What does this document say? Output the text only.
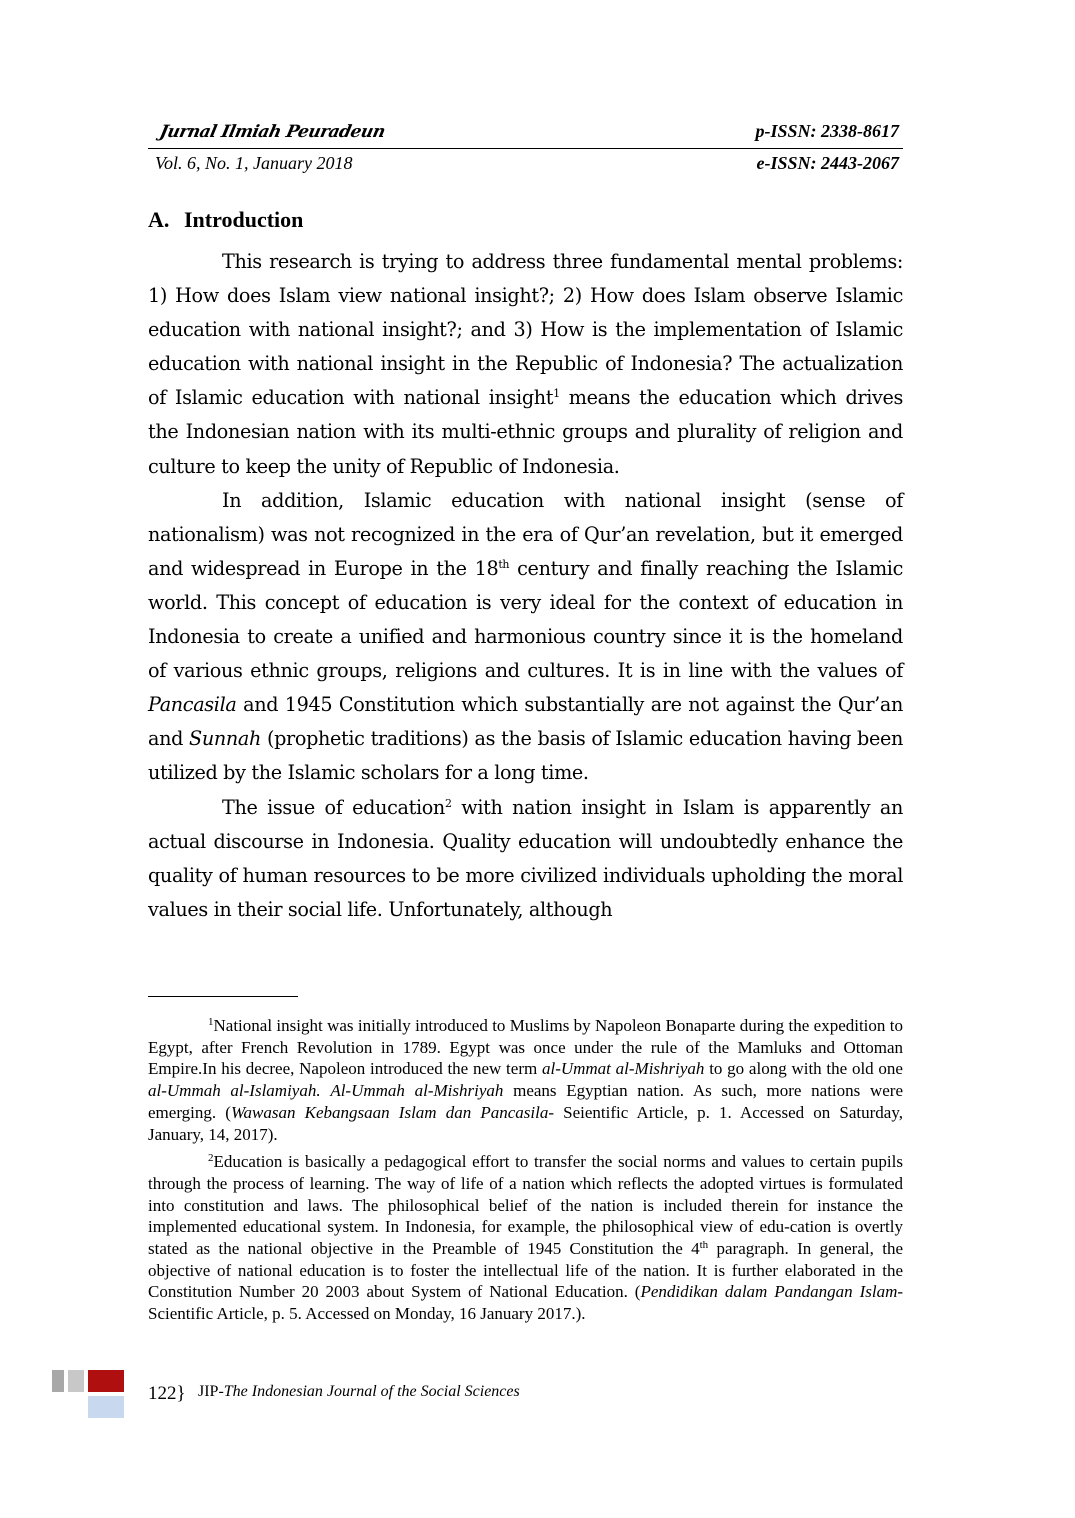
Jurnal Ilmiah Peuradeun	p-ISSN: 2338-8617
Vol. 6, No. 1, January 2018	e-ISSN: 2443-2067
A. Introduction

This research is trying to address three fundamental mental problems: 1) How does Islam view national insight?; 2) How does Islam observe Islamic education with national insight?; and 3) How is the implementation of Islamic education with national insight in the Republic of Indonesia? The actualization of Islamic education with national insight$^1$ means the education which drives the Indonesian nation with its multi-ethnic groups and plurality of religion and culture to keep the unity of Republic of Indonesia.

In addition, Islamic education with national insight (sense of nationalism) was not recognized in the era of Qur’an revelation, but it emerged and widespread in Europe in the 18th century and finally reaching the Islamic world. This concept of education is very ideal for the context of education in Indonesia to create a unified and harmonious country since it is the homeland of various ethnic groups, religions and cultures. It is in line with the values of Pancasila and 1945 Constitution which substantially are not against the Qur’an and Sunnah (prophetic traditions) as the basis of Islamic education having been utilized by the Islamic scholars for a long time.

The issue of education$^2$ with nation insight in Islam is apparently an actual discourse in Indonesia. Quality education will undoubtedly enhance the quality of human resources to be more civilized individuals upholding the moral values in their social life. Unfortunately, although

$^1$National insight was initially introduced to Muslims by Napoleon Bonaparte during the expedition to Egypt, after French Revolution in 1789. Egypt was once under the rule of the Mamluks and Ottoman Empire.In his decree, Napoleon introduced the new term al-Ummat al-Mishriyah to go along with the old one al-Ummah al-Islamiyah. Al-Ummah al-Mishriyah means Egyptian nation. As such, more nations were emerging. (Wawasan Kebangsaan Islam dan Pancasila- Seientific Article, p. 1. Accessed on Saturday, January, 14, 2017).

$^2$Education is basically a pedagogical effort to transfer the social norms and values to certain pupils through the process of learning. The way of life of a nation which reflects the adopted virtues is formulated into constitution and laws. The philosophical belief of the nation is included therein for instance the implemented educational system. In Indonesia, for example, the philosophical view of edu-cation is overtly stated as the national objective in the Preamble of 1945 Constitution the 4th paragraph. In general, the objective of national education is to foster the intellectual life of the nation. It is further elaborated in the Constitution Number 20 2003 about System of National Education. (Pendidikan dalam Pandangan Islam- Scientific Article, p. 5. Accessed on Monday, 16 January 2017.).

122} JIP-The Indonesian Journal of the Social Sciences
